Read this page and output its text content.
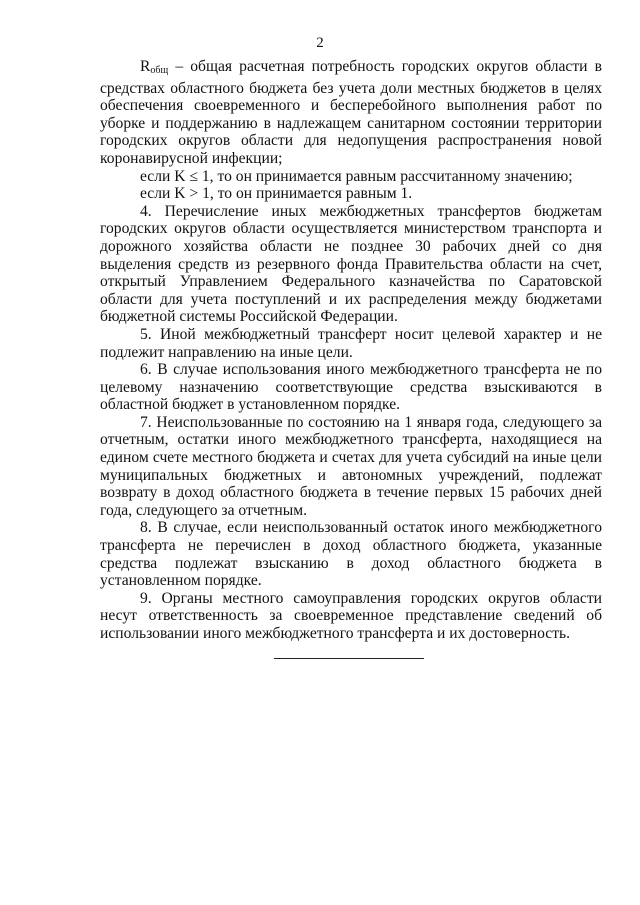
2

$R_{общ}$ – общая расчетная потребность городских округов области в средствах областного бюджета без учета доли местных бюджетов в целях обеспечения своевременного и бесперебойного выполнения работ по уборке и поддержанию в надлежащем санитарном состоянии территории городских округов области для недопущения распространения новой коронавирусной инфекции;

если K ≤ 1, то он принимается равным рассчитанному значению;

если K > 1, то он принимается равным 1.

4. Перечисление иных межбюджетных трансфертов бюджетам городских округов области осуществляется министерством транспорта и дорожного хозяйства области не позднее 30 рабочих дней со дня выделения средств из резервного фонда Правительства области на счет, открытый Управлением Федерального казначейства по Саратовской области для учета поступлений и их распределения между бюджетами бюджетной системы Российской Федерации.

5. Иной межбюджетный трансферт носит целевой характер и не подлежит направлению на иные цели.

6. В случае использования иного межбюджетного трансферта не по целевому назначению соответствующие средства взыскиваются в областной бюджет в установленном порядке.

7. Неиспользованные по состоянию на 1 января года, следующего за отчетным, остатки иного межбюджетного трансферта, находящиеся на едином счете местного бюджета и счетах для учета субсидий на иные цели муниципальных бюджетных и автономных учреждений, подлежат возврату в доход областного бюджета в течение первых 15 рабочих дней года, следующего за отчетным.

8. В случае, если неиспользованный остаток иного межбюджетного трансферта не перечислен в доход областного бюджета, указанные средства подлежат взысканию в доход областного бюджета в установленном порядке.

9. Органы местного самоуправления городских округов области несут ответственность за своевременное представление сведений об использовании иного межбюджетного трансферта и их достоверность.
